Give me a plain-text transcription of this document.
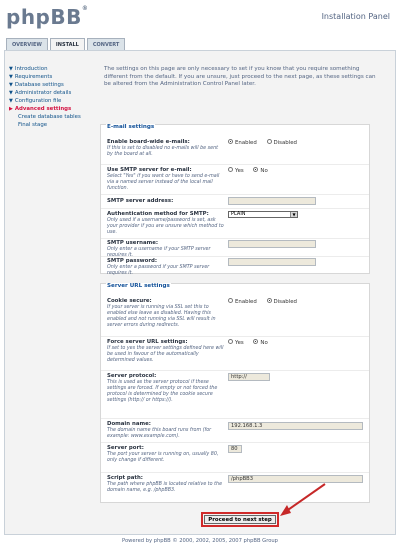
phpBB®
Installation Panel
OVERVIEW	INSTALL	CONVERT
▼ Introduction
▼ Requirements
▼ Database settings
▼ Administrator details
▼ Configuration file
▶ Advanced settings
Create database tables
Final stage
The settings on this page are only necessary to set if you know that you require something different from the default. If you are unsure, just proceed to the next page, as these settings can be altered from the Administration Control Panel later.
E-mail settings
Enable board-wide e-mails:
If this is set to disabled no e-mails will be sent by the board at all.
Enabled	Disabled
Use SMTP server for e-mail:
Select "Yes" if you want or have to send e-mail via a named server instead of the local mail function.
Yes	No
SMTP server address:
Authentication method for SMTP:
Only used if a username/password is set, ask your provider if you are unsure which method to use.
PLAIN	▼
SMTP username:
Only enter a username if your SMTP server requires it.
SMTP password:
Only enter a password if your SMTP server requires it.
Server URL settings
Cookie secure:
If your server is running via SSL set this to enabled else leave as disabled. Having this enabled and not running via SSL will result in server errors during redirects.
Enabled	Disabled
Force server URL settings:
If set to yes the server settings defined here will be used in favour of the automatically determined values.
Yes	No
Server protocol:
This is used as the server protocol if these settings are forced. If empty or not forced the protocol is determined by the cookie secure settings (http:// or https://).
http://
Domain name:
The domain name this board runs from (for example: www.example.com).
192.168.1.3
Server port:
The port your server is running on, usually 80, only change if different.
80
Script path:
The path where phpBB is located relative to the domain name, e.g. /phpBB3.
/phpBB3
Proceed to next step
Powered by phpBB © 2000, 2002, 2005, 2007 phpBB Group
